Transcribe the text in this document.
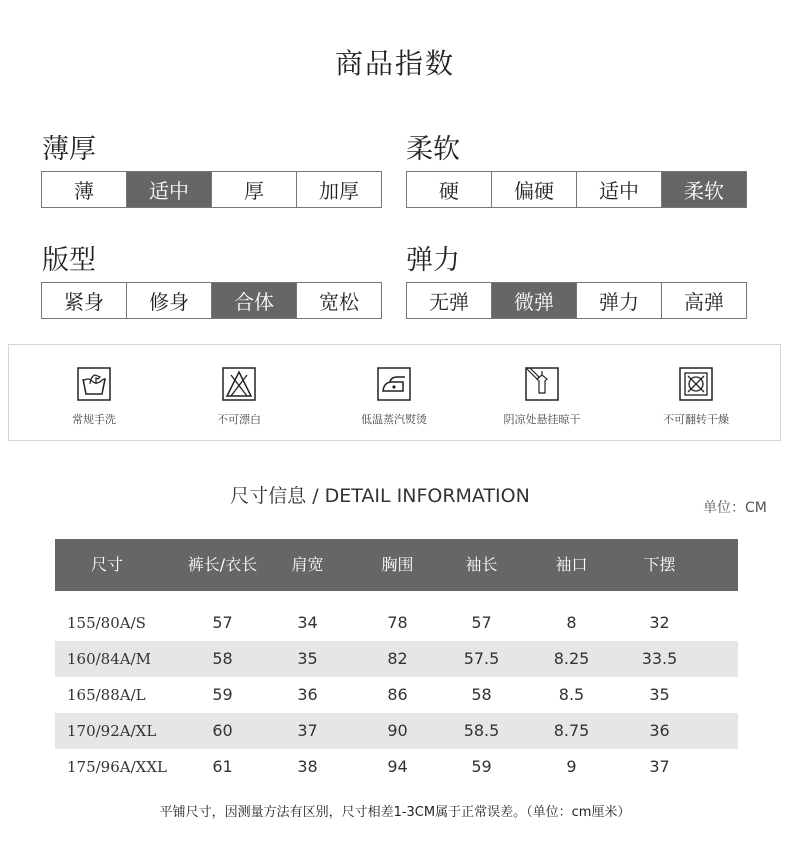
商品指数
薄厚
薄	适中	厚	加厚
柔软
硬	偏硬	适中	柔软
版型
紧身	修身	合体	宽松
弹力
无弹	微弹	弹力	高弹
常规手洗	不可漂白	低温蒸汽熨烫	阴凉处悬挂晾干	不可翻转干燥
尺寸信息 / DETAIL INFORMATION
单位：CM
尺寸	裤长/衣长	肩宽	胸围	袖长	袖口	下摆
155/80A/S	57	34	78	57	8	32
160/84A/M	58	35	82	57.5	8.25	33.5
165/88A/L	59	36	86	58	8.5	35
170/92A/XL	60	37	90	58.5	8.75	36
175/96A/XXL	61	38	94	59	9	37
平铺尺寸，因测量方法有区别，尺寸相差1-3CM属于正常误差。（单位：cm厘米）
